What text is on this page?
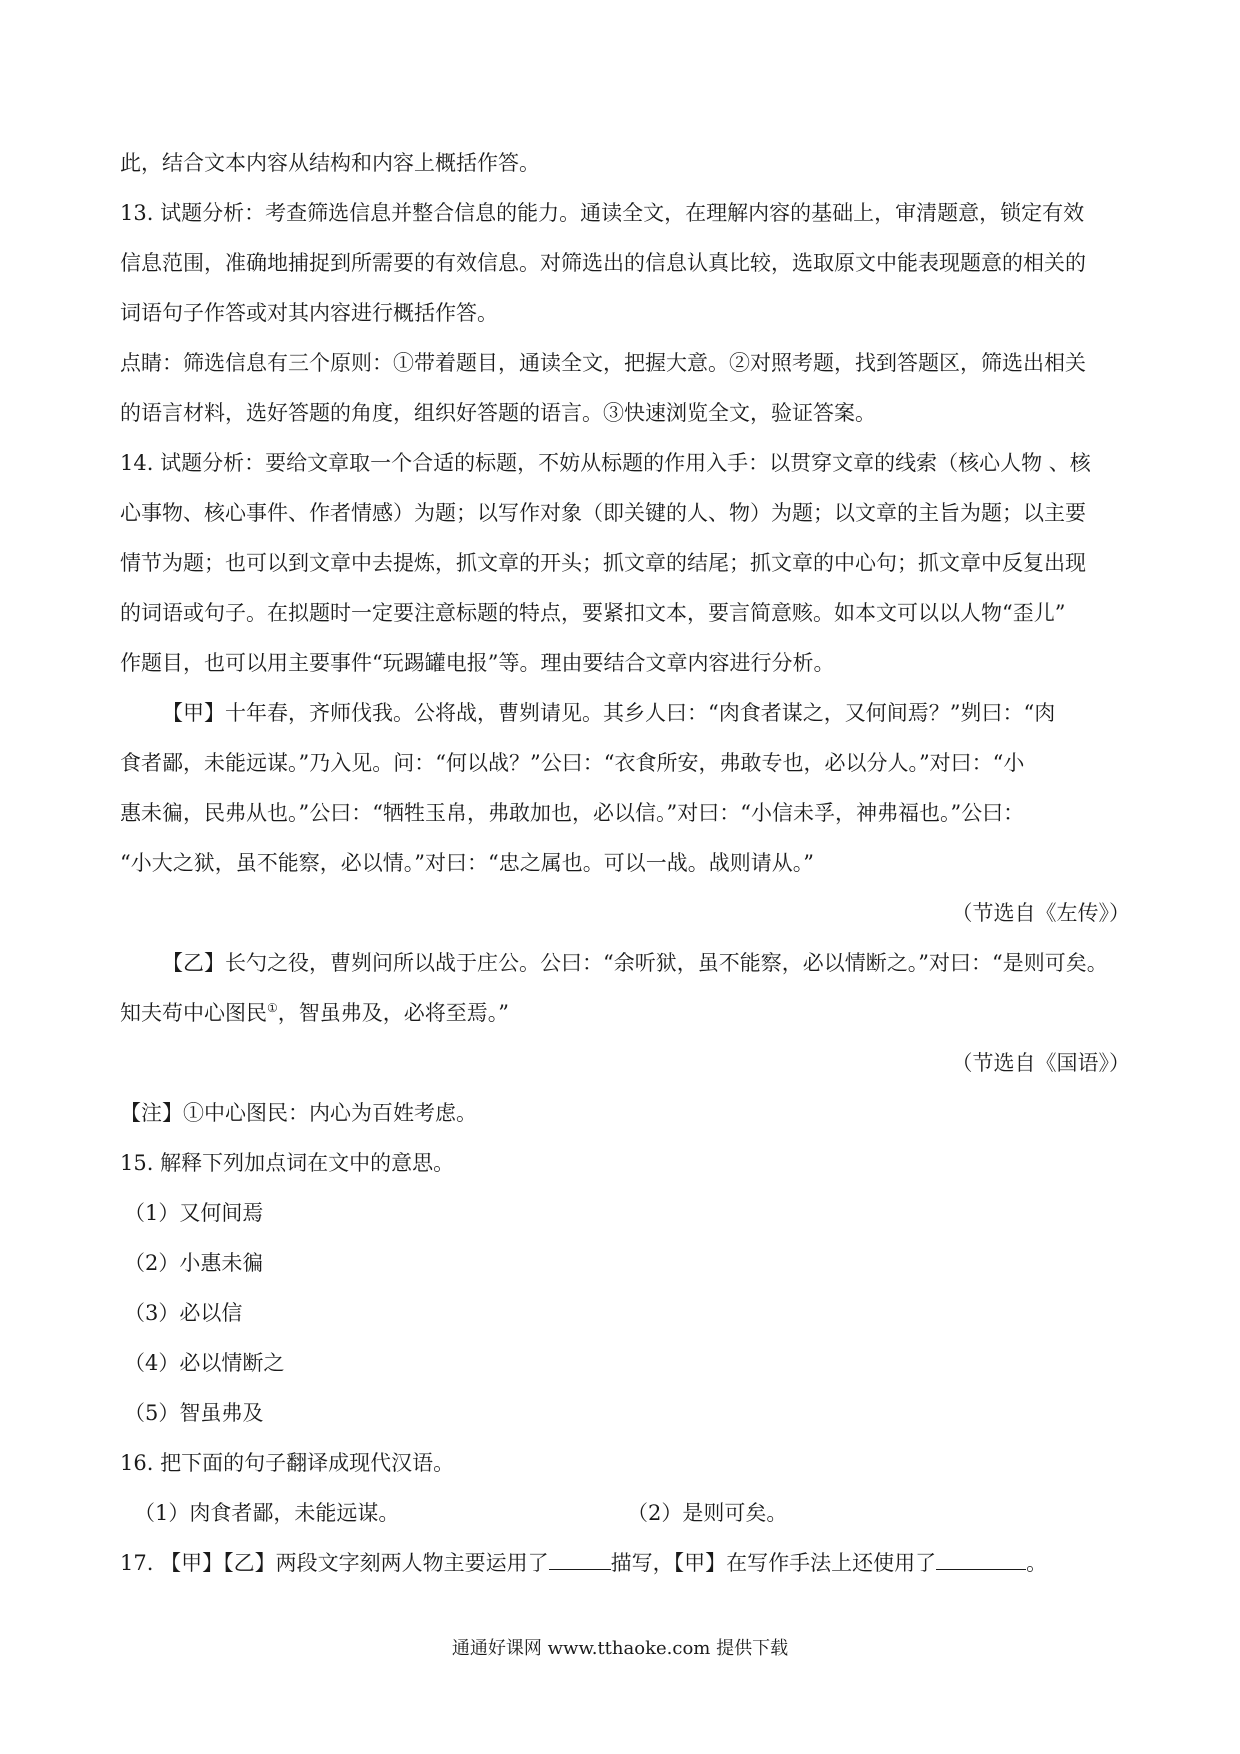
此，结合文本内容从结构和内容上概括作答。

13. 试题分析：考查筛选信息并整合信息的能力。通读全文，在理解内容的基础上，审清题意，锁定有效

信息范围，准确地捕捉到所需要的有效信息。对筛选出的信息认真比较，选取原文中能表现题意的相关的

词语句子作答或对其内容进行概括作答。

点睛：筛选信息有三个原则：①带着题目，通读全文，把握大意。②对照考题，找到答题区，筛选出相关

的语言材料，选好答题的角度，组织好答题的语言。③快速浏览全文，验证答案。

14. 试题分析：要给文章取一个合适的标题，不妨从标题的作用入手：以贯穿文章的线索（核心人物 、核

心事物、核心事件、作者情感）为题；以写作对象（即关键的人、物）为题；以文章的主旨为题；以主要

情节为题；也可以到文章中去提炼，抓文章的开头；抓文章的结尾；抓文章的中心句；抓文章中反复出现

的词语或句子。在拟题时一定要注意标题的特点，要紧扣文本，要言简意赅。如本文可以以人物“歪儿”

作题目，也可以用主要事件“玩踢罐电报”等。理由要结合文章内容进行分析。

【甲】十年春，齐师伐我。公将战，曹刿请见。其乡人曰：“肉食者谋之，又何间焉？”刿曰：“肉

食者鄙，未能远谋。”乃入见。问：“何以战？”公曰：“衣食所安，弗敢专也，必以分人。”对曰：“小

惠未徧，民弗从也。”公曰：“牺牲玉帛，弗敢加也，必以信。”对曰：“小信未孚，神弗福也。”公曰：

“小大之狱，虽不能察，必以情。”对曰：“忠之属也。可以一战。战则请从。”

（节选自《左传》）

【乙】长勺之役，曹刿问所以战于庄公。公曰：“余听狱，虽不能察，必以情断之。”对曰：“是则可矣。

知夫苟中心图民①，智虽弗及，必将至焉。”

（节选自《国语》）

【注】①中心图民：内心为百姓考虑。

15. 解释下列加点词在文中的意思。

（1）又何间焉

（2）小惠未徧

（3）必以信

（4）必以情断之

（5）智虽弗及

16. 把下面的句子翻译成现代汉语。

（1）肉食者鄙，未能远谋。	（2）是则可矣。

17. 【甲】【乙】两段文字刻两人物主要运用了	描写，【甲】在写作手法上还使用了	。

通通好课网 www.tthaoke.com 提供下载
